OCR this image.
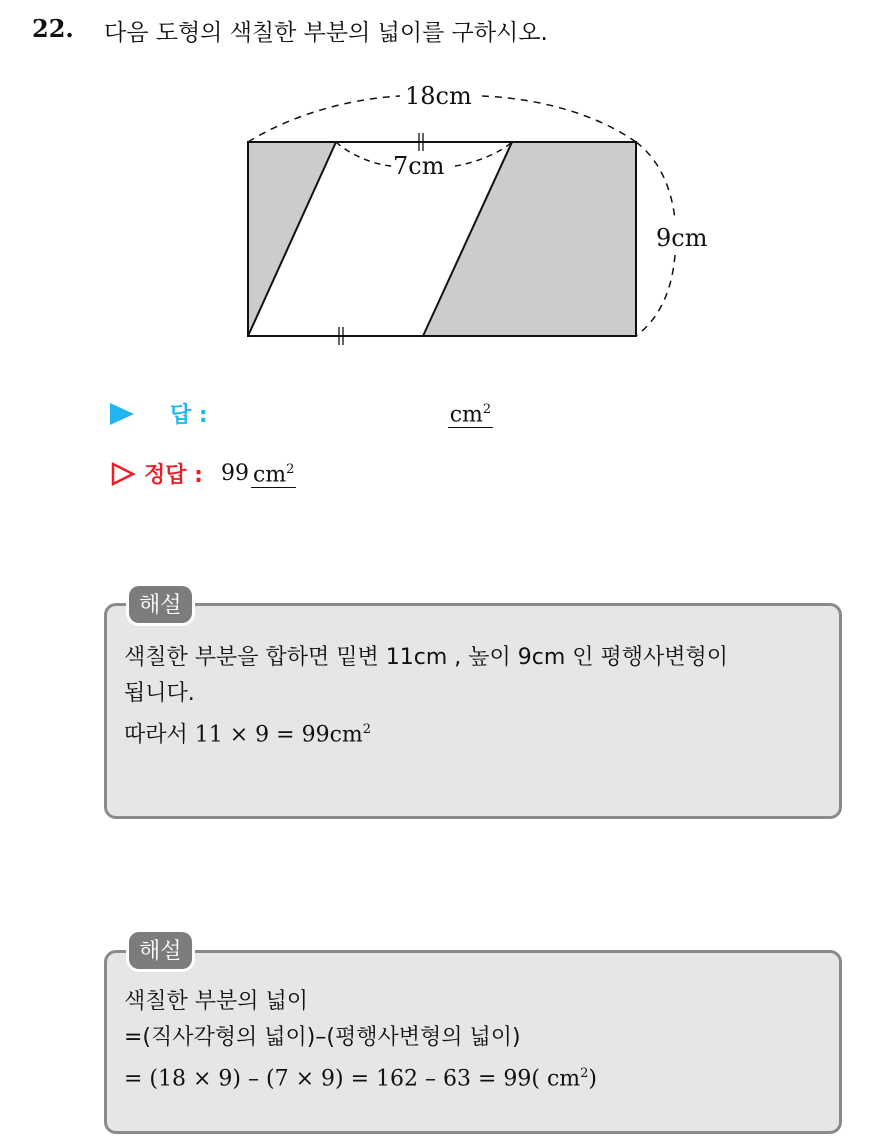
22. 다음 도형의 색칠한 부분의 넓이를 구하시오.
18cm
7cm
9cm
답 :	$cm^2$
정답 : 99 $cm^2$
해설
색칠한 부분을 합하면 밑변 11cm , 높이 9cm 인 평행사변형이
됩니다.
따라서 $11 \times 9 = 99cm^2$
해설
색칠한 부분의 넓이
=(직사각형의 넓이)–(평행사변형의 넓이)
= (18 × 9) – (7 × 9) = 162 – 63 = 99( $cm^2$)
